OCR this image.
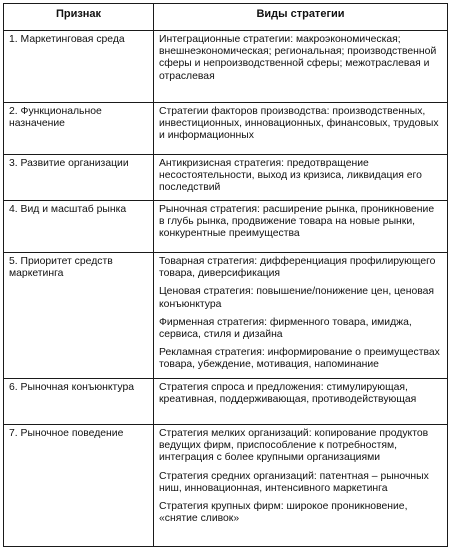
Признак	Виды стратегии
1. Маркетинговая среда	Интеграционные стратегии: макроэкономическая; внешнеэкономическая; региональная; производственной сферы и непроизводственной сферы; межотраслевая и отраслевая

2. Функциональное назначение	Стратегии факторов производства: производственных, инвестиционных, инновационных, финансовых, трудовых и информационных

3. Развитие организации	Антикризисная стратегия: предотвращение несостоятельности, выход из кризиса, ликвидация его последствий

4. Вид и масштаб рынка	Рыночная стратегия: расширение рынка, проникновение в глубь рынка, продвижение товара на новые рынки, конкурентные преимущества

5. Приоритет средств маркетинга	Товарная стратегия: дифференциация профилирующего товара, диверсификация
Ценовая стратегия: повышение/понижение цен, ценовая конъюнктура
Фирменная стратегия: фирменного товара, имиджа, сервиса, стиля и дизайна
Рекламная стратегия: информирование о преимуществах товара, убеждение, мотивация, напоминание

6. Рыночная конъюнктура	Стратегия спроса и предложения: стимулирующая, креативная, поддерживающая, противодействующая

7. Рыночное поведение	Стратегия мелких организаций: копирование продуктов ведущих фирм, приспособление к потребностям, интеграция с более крупными организациями
Стратегия средних организаций: патентная – рыночных ниш, инновационная, интенсивного маркетинга
Стратегия крупных фирм: широкое проникновение, «снятие сливок»
